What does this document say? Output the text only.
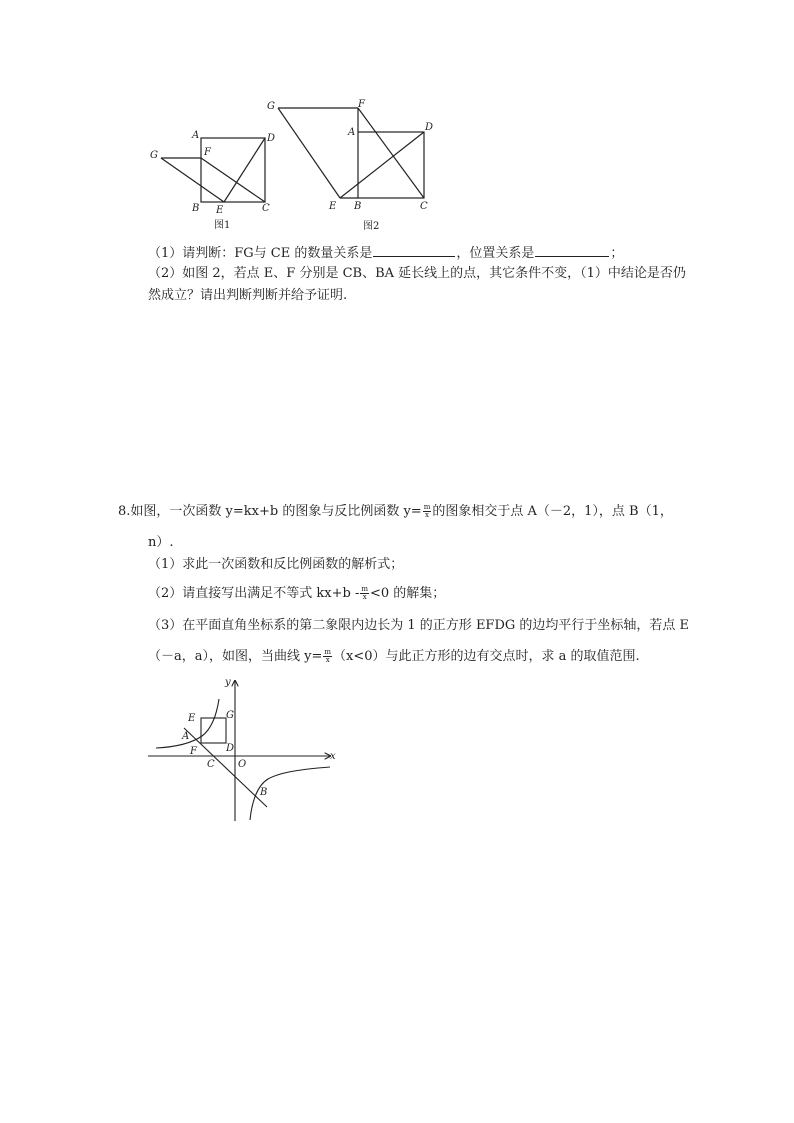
A	D
F
G
B E	C
图1
G	F
A	D
E B	C
图2
（1）请判断：FG与 CE 的数量关系是	，位置关系是	；
（2）如图 2，若点 E、F 分别是 CB、BA 延长线上的点，其它条件不变，（1）中结论是否仍
然成立？请出判断判断并给予证明.
8.如图，一次函数 y=kx+b 的图象与反比例函数 $y= \frac{m}{x}$ 的图象相交于点 A（－2，1），点 B（1，
n）.
（1）求此一次函数和反比例函数的解析式；
（2）请直接写出满足不等式 $kx+b - \frac{m}{x} <0$ 的解集；
（3）在平面直角坐标系的第二象限内边长为 1 的正方形 EFDG 的边均平行于坐标轴，若点 E
（－a，a），如图，当曲线 $y= \frac{m}{x} (x<0)$与此正方形的边有交点时，求 a 的取值范围.
y
x
E	G
A
F	D
C O
B
